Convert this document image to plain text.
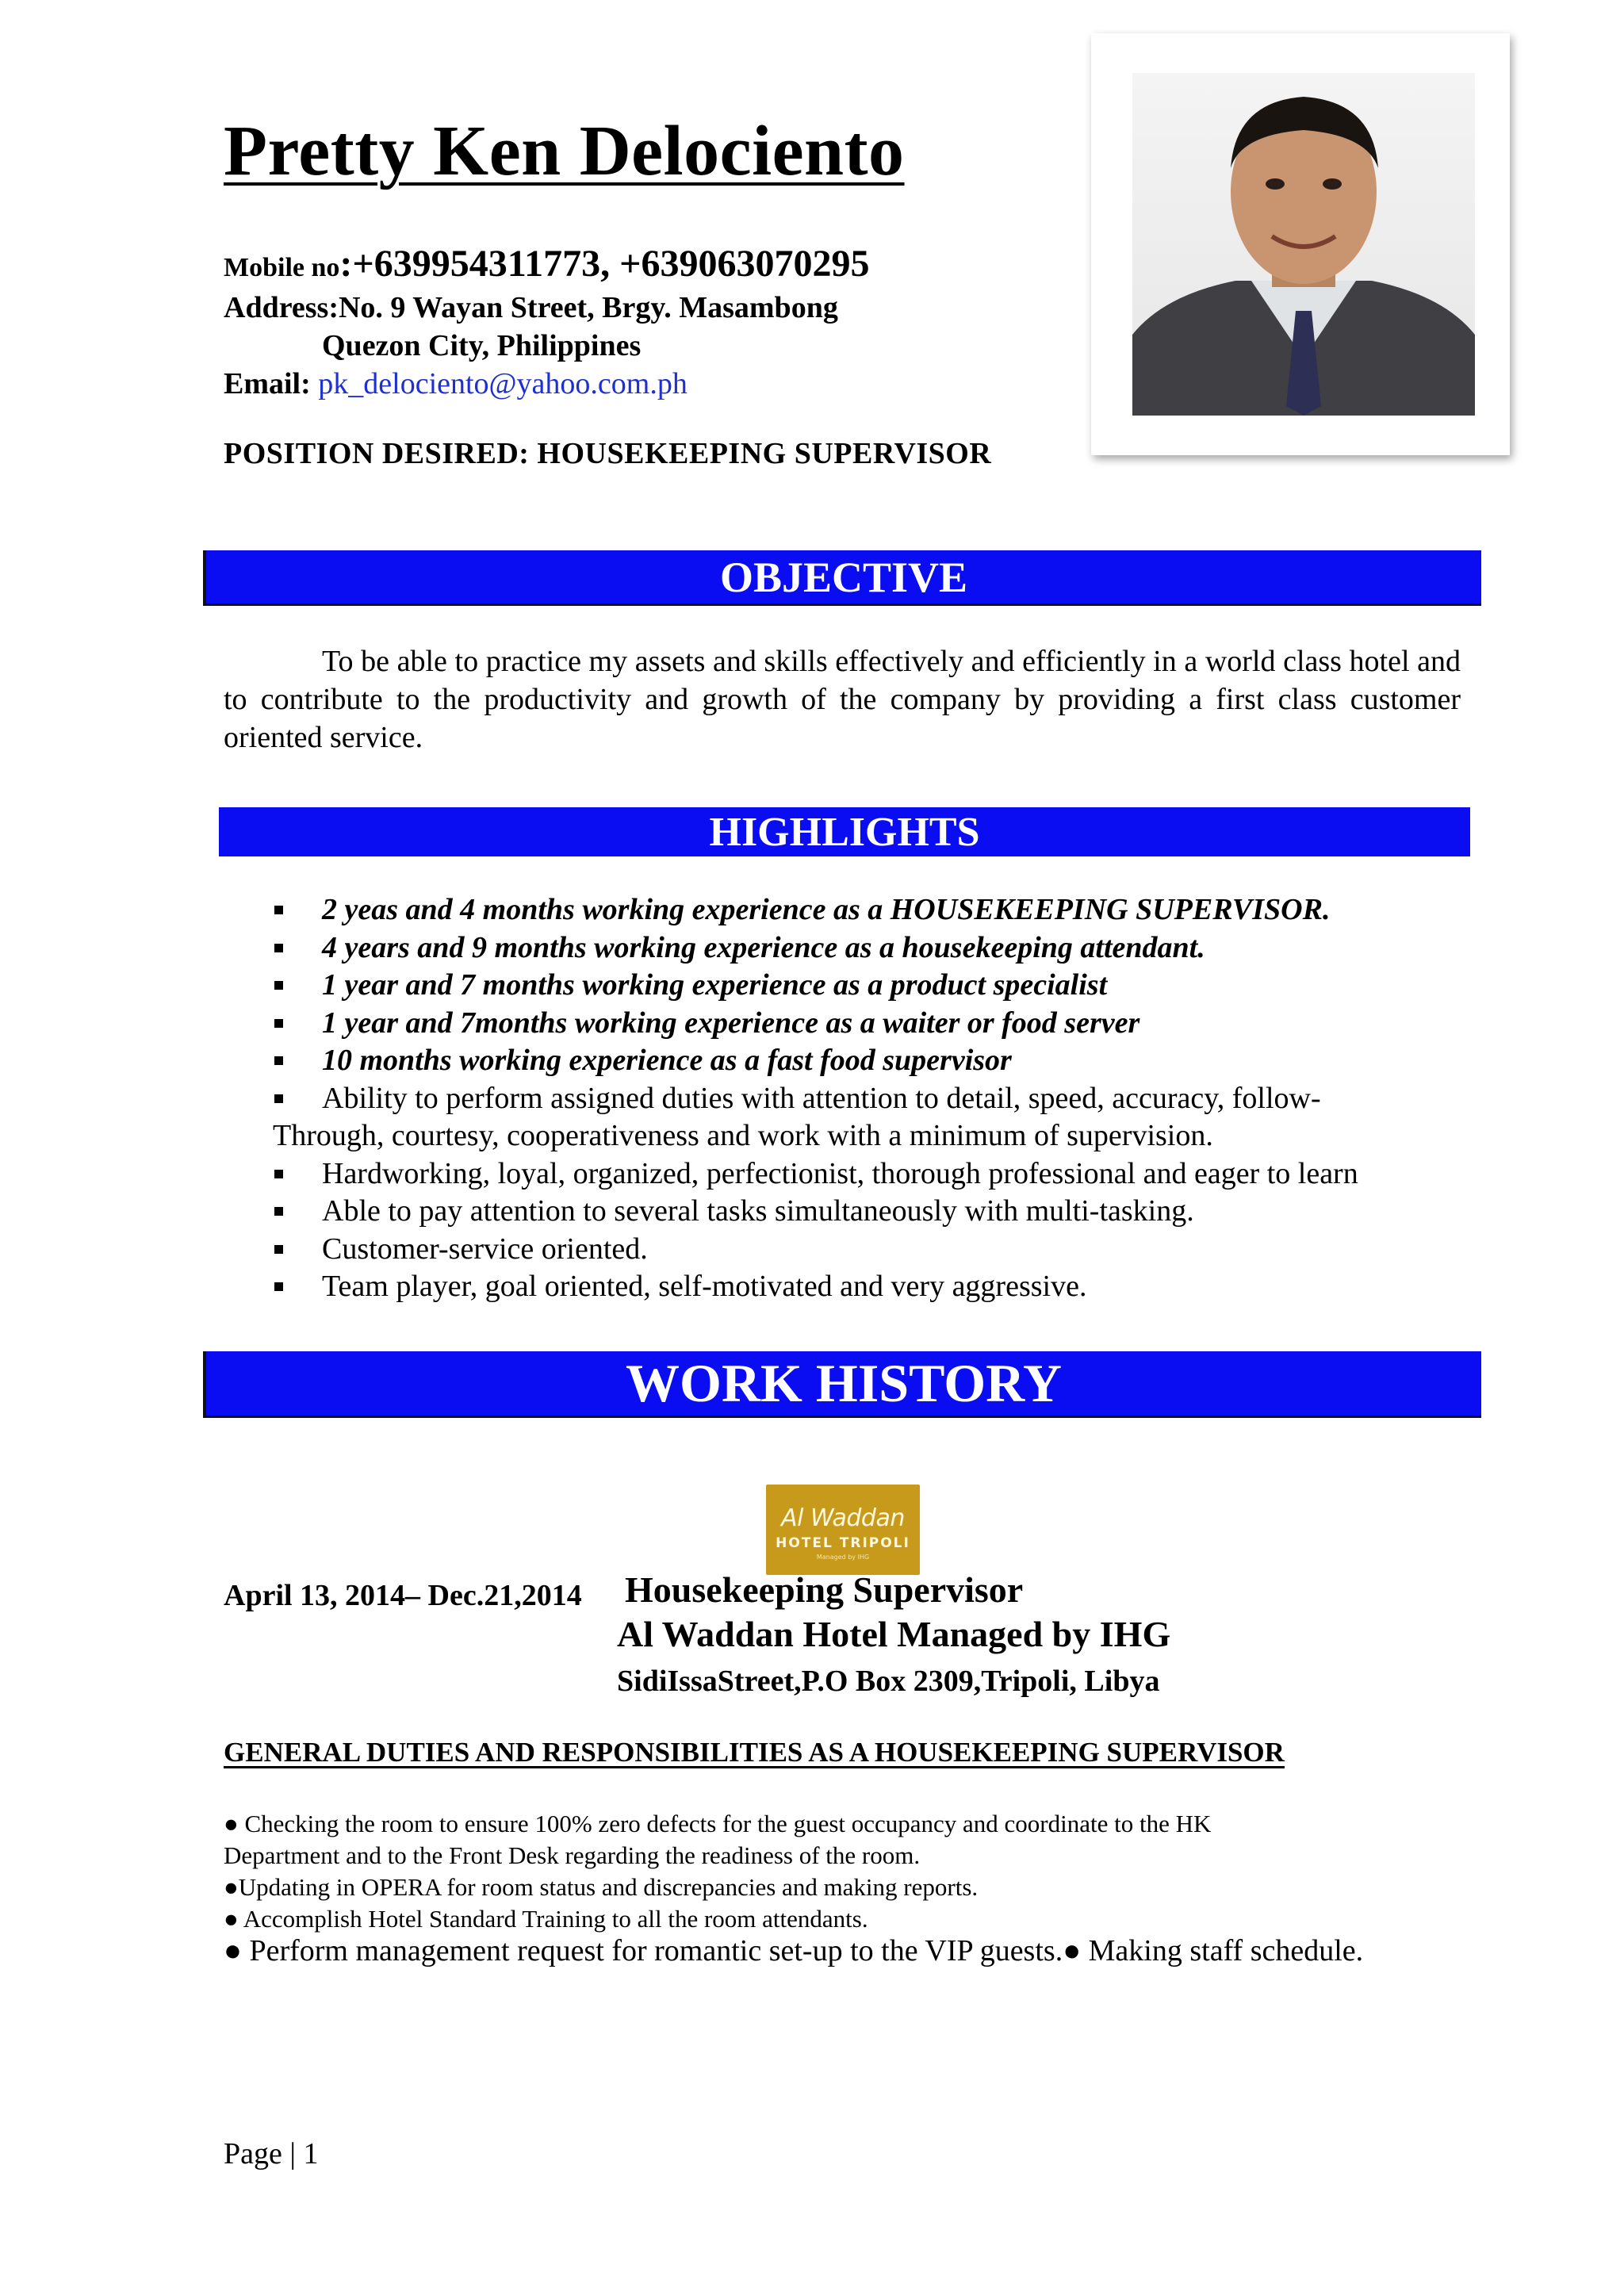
Pretty Ken Delociento
Mobile no:+639954311773, +639063070295
Address:No. 9 Wayan Street, Brgy. Masambong
Quezon City, Philippines
Email: pk_delociento@yahoo.com.ph
POSITION DESIRED: HOUSEKEEPING SUPERVISOR
OBJECTIVE
To be able to practice my assets and skills effectively and efficiently in a world class hotel and to contribute to the productivity and growth of the company by providing a first class customer oriented service.
HIGHLIGHTS
2 yeas and 4 months working experience as a HOUSEKEEPING SUPERVISOR.
4 years and 9 months working experience as a housekeeping attendant.
1 year and 7 months working experience as a product specialist
1 year and 7months working experience as a waiter or food server
10 months working experience as a fast food supervisor
Ability to perform assigned duties with attention to detail, speed, accuracy, follow-
Through, courtesy, cooperativeness and work with a minimum of supervision.
Hardworking, loyal, organized, perfectionist, thorough professional and eager to learn
Able to pay attention to several tasks simultaneously with multi-tasking.
Customer-service oriented.
Team player, goal oriented, self-motivated and very aggressive.
WORK HISTORY
Al Waddan
HOTEL TRIPOLI
Managed by IHG
April 13, 2014– Dec.21,2014 Housekeeping Supervisor
Al Waddan Hotel Managed by IHG
SidiIssaStreet,P.O Box 2309,Tripoli, Libya
GENERAL DUTIES AND RESPONSIBILITIES AS A HOUSEKEEPING SUPERVISOR
● Checking the room to ensure 100% zero defects for the guest occupancy and coordinate to the HK
Department and to the Front Desk regarding the readiness of the room.
●Updating in OPERA for room status and discrepancies and making reports.
● Accomplish Hotel Standard Training to all the room attendants.
● Perform management request for romantic set-up to the VIP guests.● Making staff schedule.
Page | 1
